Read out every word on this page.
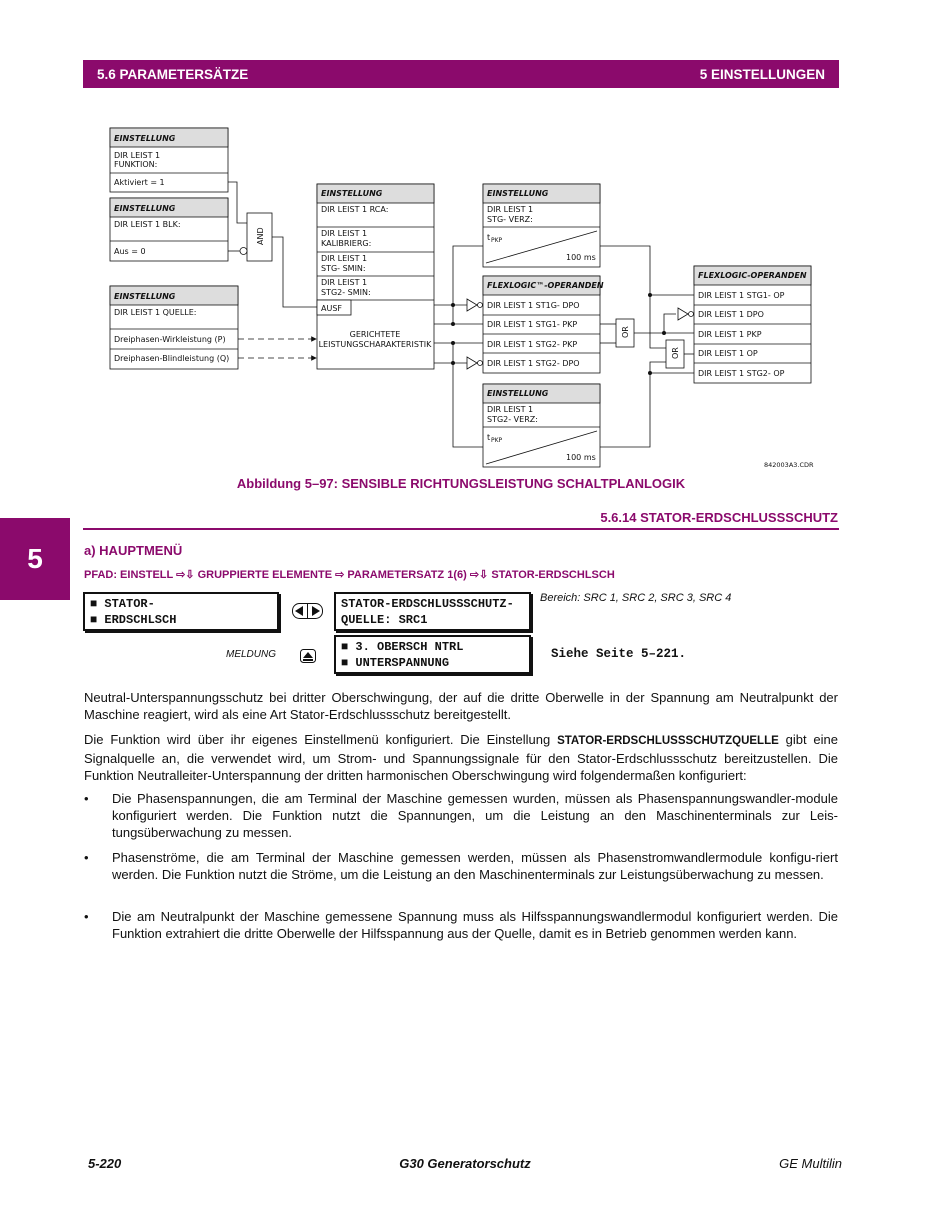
5.6 PARAMETERSÄTZE	5 EINSTELLUNGEN
5
EINSTELLUNG
DIR LEIST 1
FUNKTION:
Aktiviert = 1
EINSTELLUNG
DIR LEIST 1 BLK:
Aus = 0
EINSTELLUNG
DIR LEIST 1 QUELLE:
Dreiphasen-Wirkleistung (P)
Dreiphasen-Blindleistung (Q)
AND
EINSTELLUNG
DIR LEIST 1 RCA:
DIR LEIST 1
KALIBRIERG:
DIR LEIST 1
STG- SMIN:
DIR LEIST 1
STG2- SMIN:
AUSF
GERICHTETE
LEISTUNGSCHARAKTERISTIK
EINSTELLUNG
DIR LEIST 1
STG- VERZ:
t PKP
100 ms
FLEXLOGIC™-OPERANDEN
DIR LEIST 1 ST1G- DPO
DIR LEIST 1 STG1- PKP
DIR LEIST 1 STG2- PKP
DIR LEIST 1 STG2- DPO
EINSTELLUNG
DIR LEIST 1
STG2- VERZ:
t PKP
100 ms
OR
OR
FLEXLOGIC-OPERANDEN
DIR LEIST 1 STG1- OP
DIR LEIST 1 DPO
DIR LEIST 1 PKP
DIR LEIST 1 OP
DIR LEIST 1 STG2- OP
842003A3.CDR
Abbildung 5–97: SENSIBLE RICHTUNGSLEISTUNG SCHALTPLANLOGIK
5.6.14 STATOR-ERDSCHLUSSSCHUTZ
a) HAUPTMENÜ
PFAD: EINSTELL ⇨⇩ GRUPPIERTE ELEMENTE ⇨ PARAMETERSATZ 1(6) ⇨⇩ STATOR-ERDSCHLSCH
■ STATOR-
■ ERDSCHLSCH
STATOR-ERDSCHLUSSSCHUTZ-
QUELLE: SRC1
Bereich: SRC 1, SRC 2, SRC 3, SRC 4
MELDUNG
■ 3. OBERSCH NTRL
■ UNTERSPANNUNG
Siehe Seite 5–221.
Neutral-Unterspannungsschutz bei dritter Oberschwingung, der auf die dritte Oberwelle in der Spannung am Neutralpunkt der Maschine reagiert, wird als eine Art Stator-Erdschlussschutz bereitgestellt.
Die Funktion wird über ihr eigenes Einstellmenü konfiguriert. Die Einstellung STATOR-ERDSCHLUSSSCHUTZQUELLE gibt eine Signalquelle an, die verwendet wird, um Strom- und Spannungssignale für den Stator-Erdschlussschutz bereitzustellen. Die Funktion Neutralleiter-Unterspannung der dritten harmonischen Oberschwingung wird folgendermaßen konfiguriert:
•	Die Phasenspannungen, die am Terminal der Maschine gemessen wurden, müssen als Phasenspannungswandler-module konfiguriert werden. Die Funktion nutzt die Spannungen, um die Leistung an den Maschinenterminals zur Leis-tungsüberwachung zu messen.
•	Phasenströme, die am Terminal der Maschine gemessen werden, müssen als Phasenstromwandlermodule konfigu-riert werden. Die Funktion nutzt die Ströme, um die Leistung an den Maschinenterminals zur Leistungsüberwachung zu messen.
•	Die am Neutralpunkt der Maschine gemessene Spannung muss als Hilfsspannungswandlermodul konfiguriert werden. Die Funktion extrahiert die dritte Oberwelle der Hilfsspannung aus der Quelle, damit es in Betrieb genommen werden kann.
5-220	G30 Generatorschutz	GE Multilin
